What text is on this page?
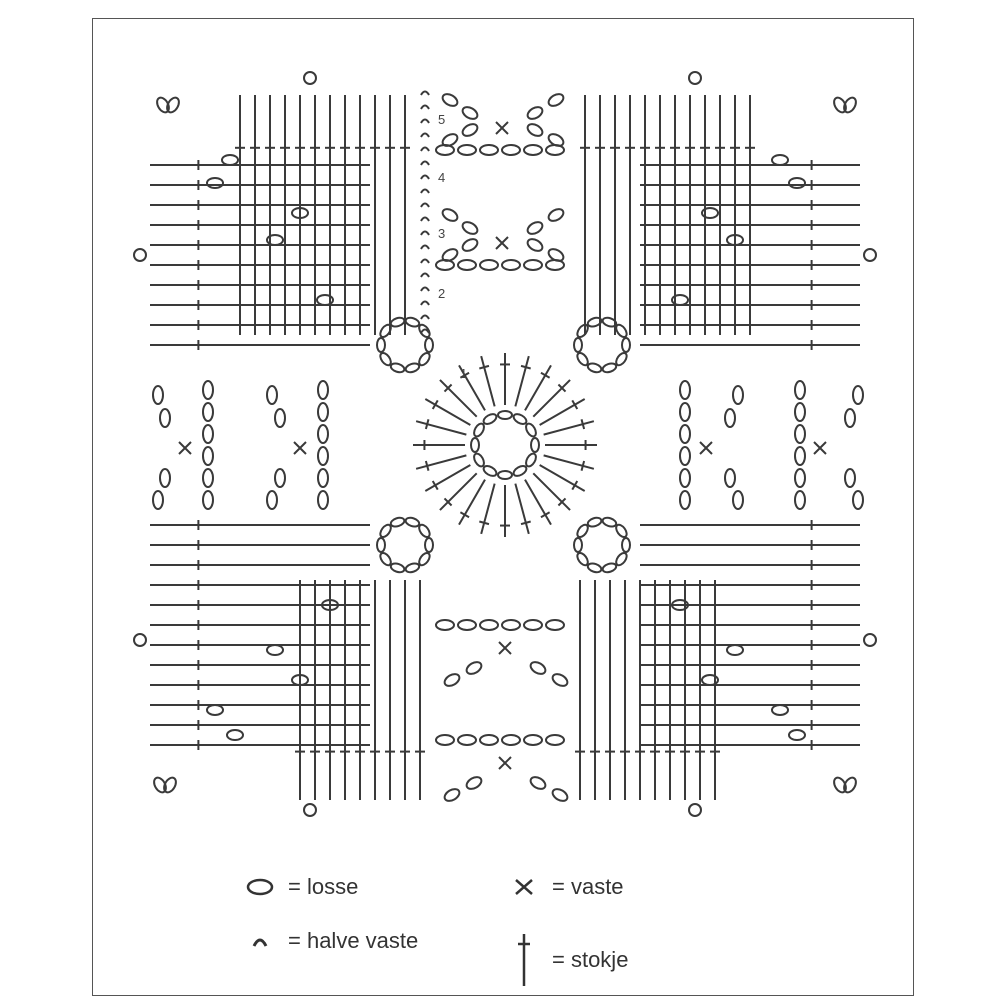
1
2
3
4
5
= losse
= halve vaste
= vaste
= stokje
